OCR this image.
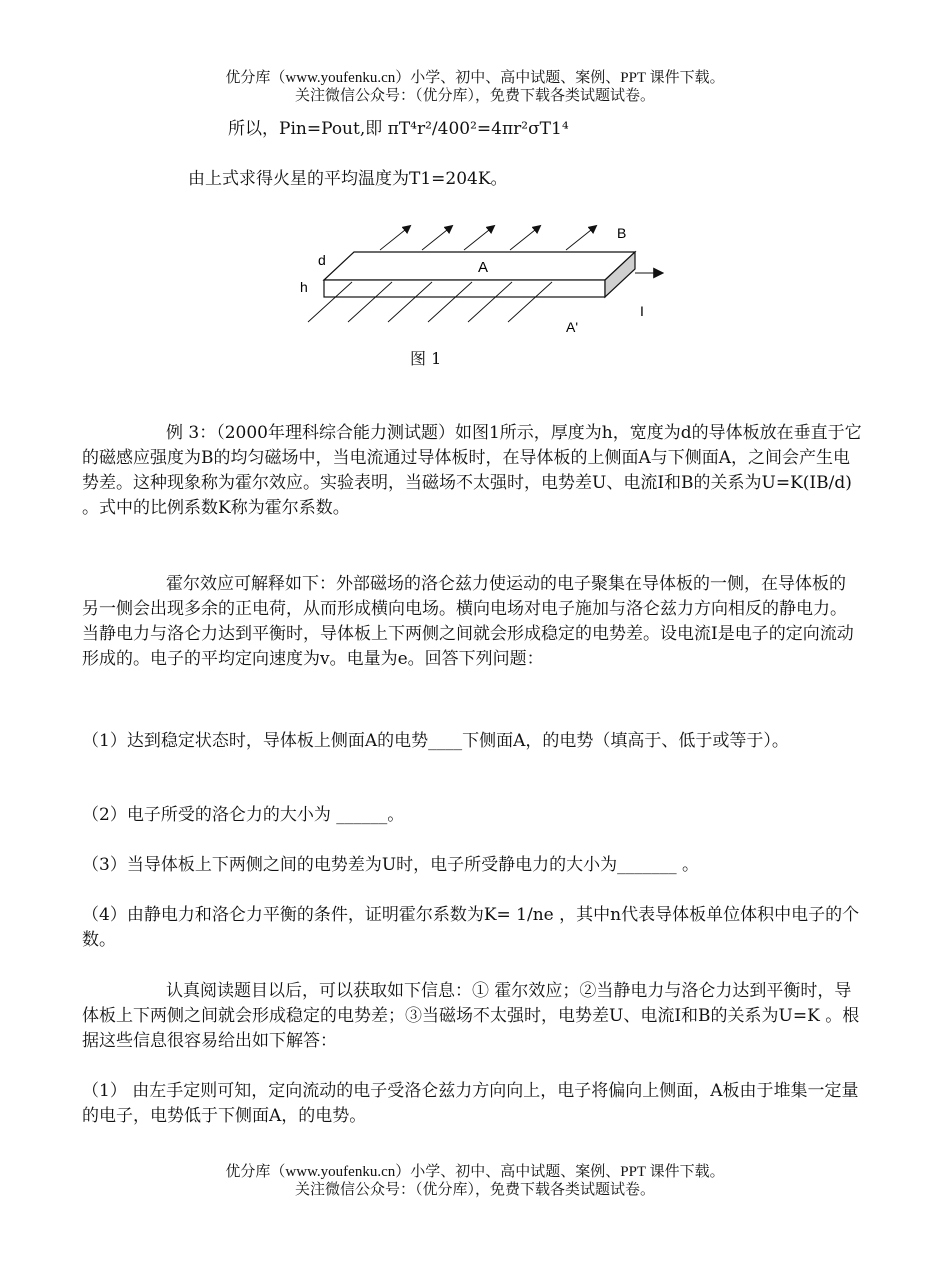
优分库（www.youfenku.cn）小学、初中、高中试题、案例、PPT 课件下载。
关注微信公众号：（优分库），免费下载各类试题试卷。
所以，Pin=Pout,即 πT⁴r²/400²=4πr²σT1⁴
由上式求得火星的平均温度为T1=204K。
d
h
A
B
A'
I
图 1
例 3：（2000年理科综合能力测试题）如图1所示，厚度为h，宽度为d的导体板放在垂直于它的磁感应强度为B的均匀磁场中，当电流通过导体板时，在导体板的上侧面A与下侧面A，之间会产生电势差。这种现象称为霍尔效应。实验表明，当磁场不太强时，电势差U、电流I和B的关系为U=K(IB/d) 。式中的比例系数K称为霍尔系数。
霍尔效应可解释如下：外部磁场的洛仑兹力使运动的电子聚集在导体板的一侧，在导体板的另一侧会出现多余的正电荷，从而形成横向电场。横向电场对电子施加与洛仑兹力方向相反的静电力。当静电力与洛仑力达到平衡时，导体板上下两侧之间就会形成稳定的电势差。设电流I是电子的定向流动形成的。电子的平均定向速度为v。电量为e。回答下列问题：
（1）达到稳定状态时，导体板上侧面A的电势____下侧面A，的电势（填高于、低于或等于）。
（2）电子所受的洛仑力的大小为 ______。
（3）当导体板上下两侧之间的电势差为U时，电子所受静电力的大小为_______ 。
（4）由静电力和洛仑力平衡的条件，证明霍尔系数为K= 1/ne ，其中n代表导体板单位体积中电子的个数。
认真阅读题目以后，可以获取如下信息：① 霍尔效应；②当静电力与洛仑力达到平衡时，导体板上下两侧之间就会形成稳定的电势差；③当磁场不太强时，电势差U、电流I和B的关系为U=K 。根据这些信息很容易给出如下解答：
（1） 由左手定则可知，定向流动的电子受洛仑兹力方向向上，电子将偏向上侧面，A板由于堆集一定量的电子，电势低于下侧面A，的电势。
优分库（www.youfenku.cn）小学、初中、高中试题、案例、PPT 课件下载。
关注微信公众号：（优分库），免费下载各类试题试卷。
